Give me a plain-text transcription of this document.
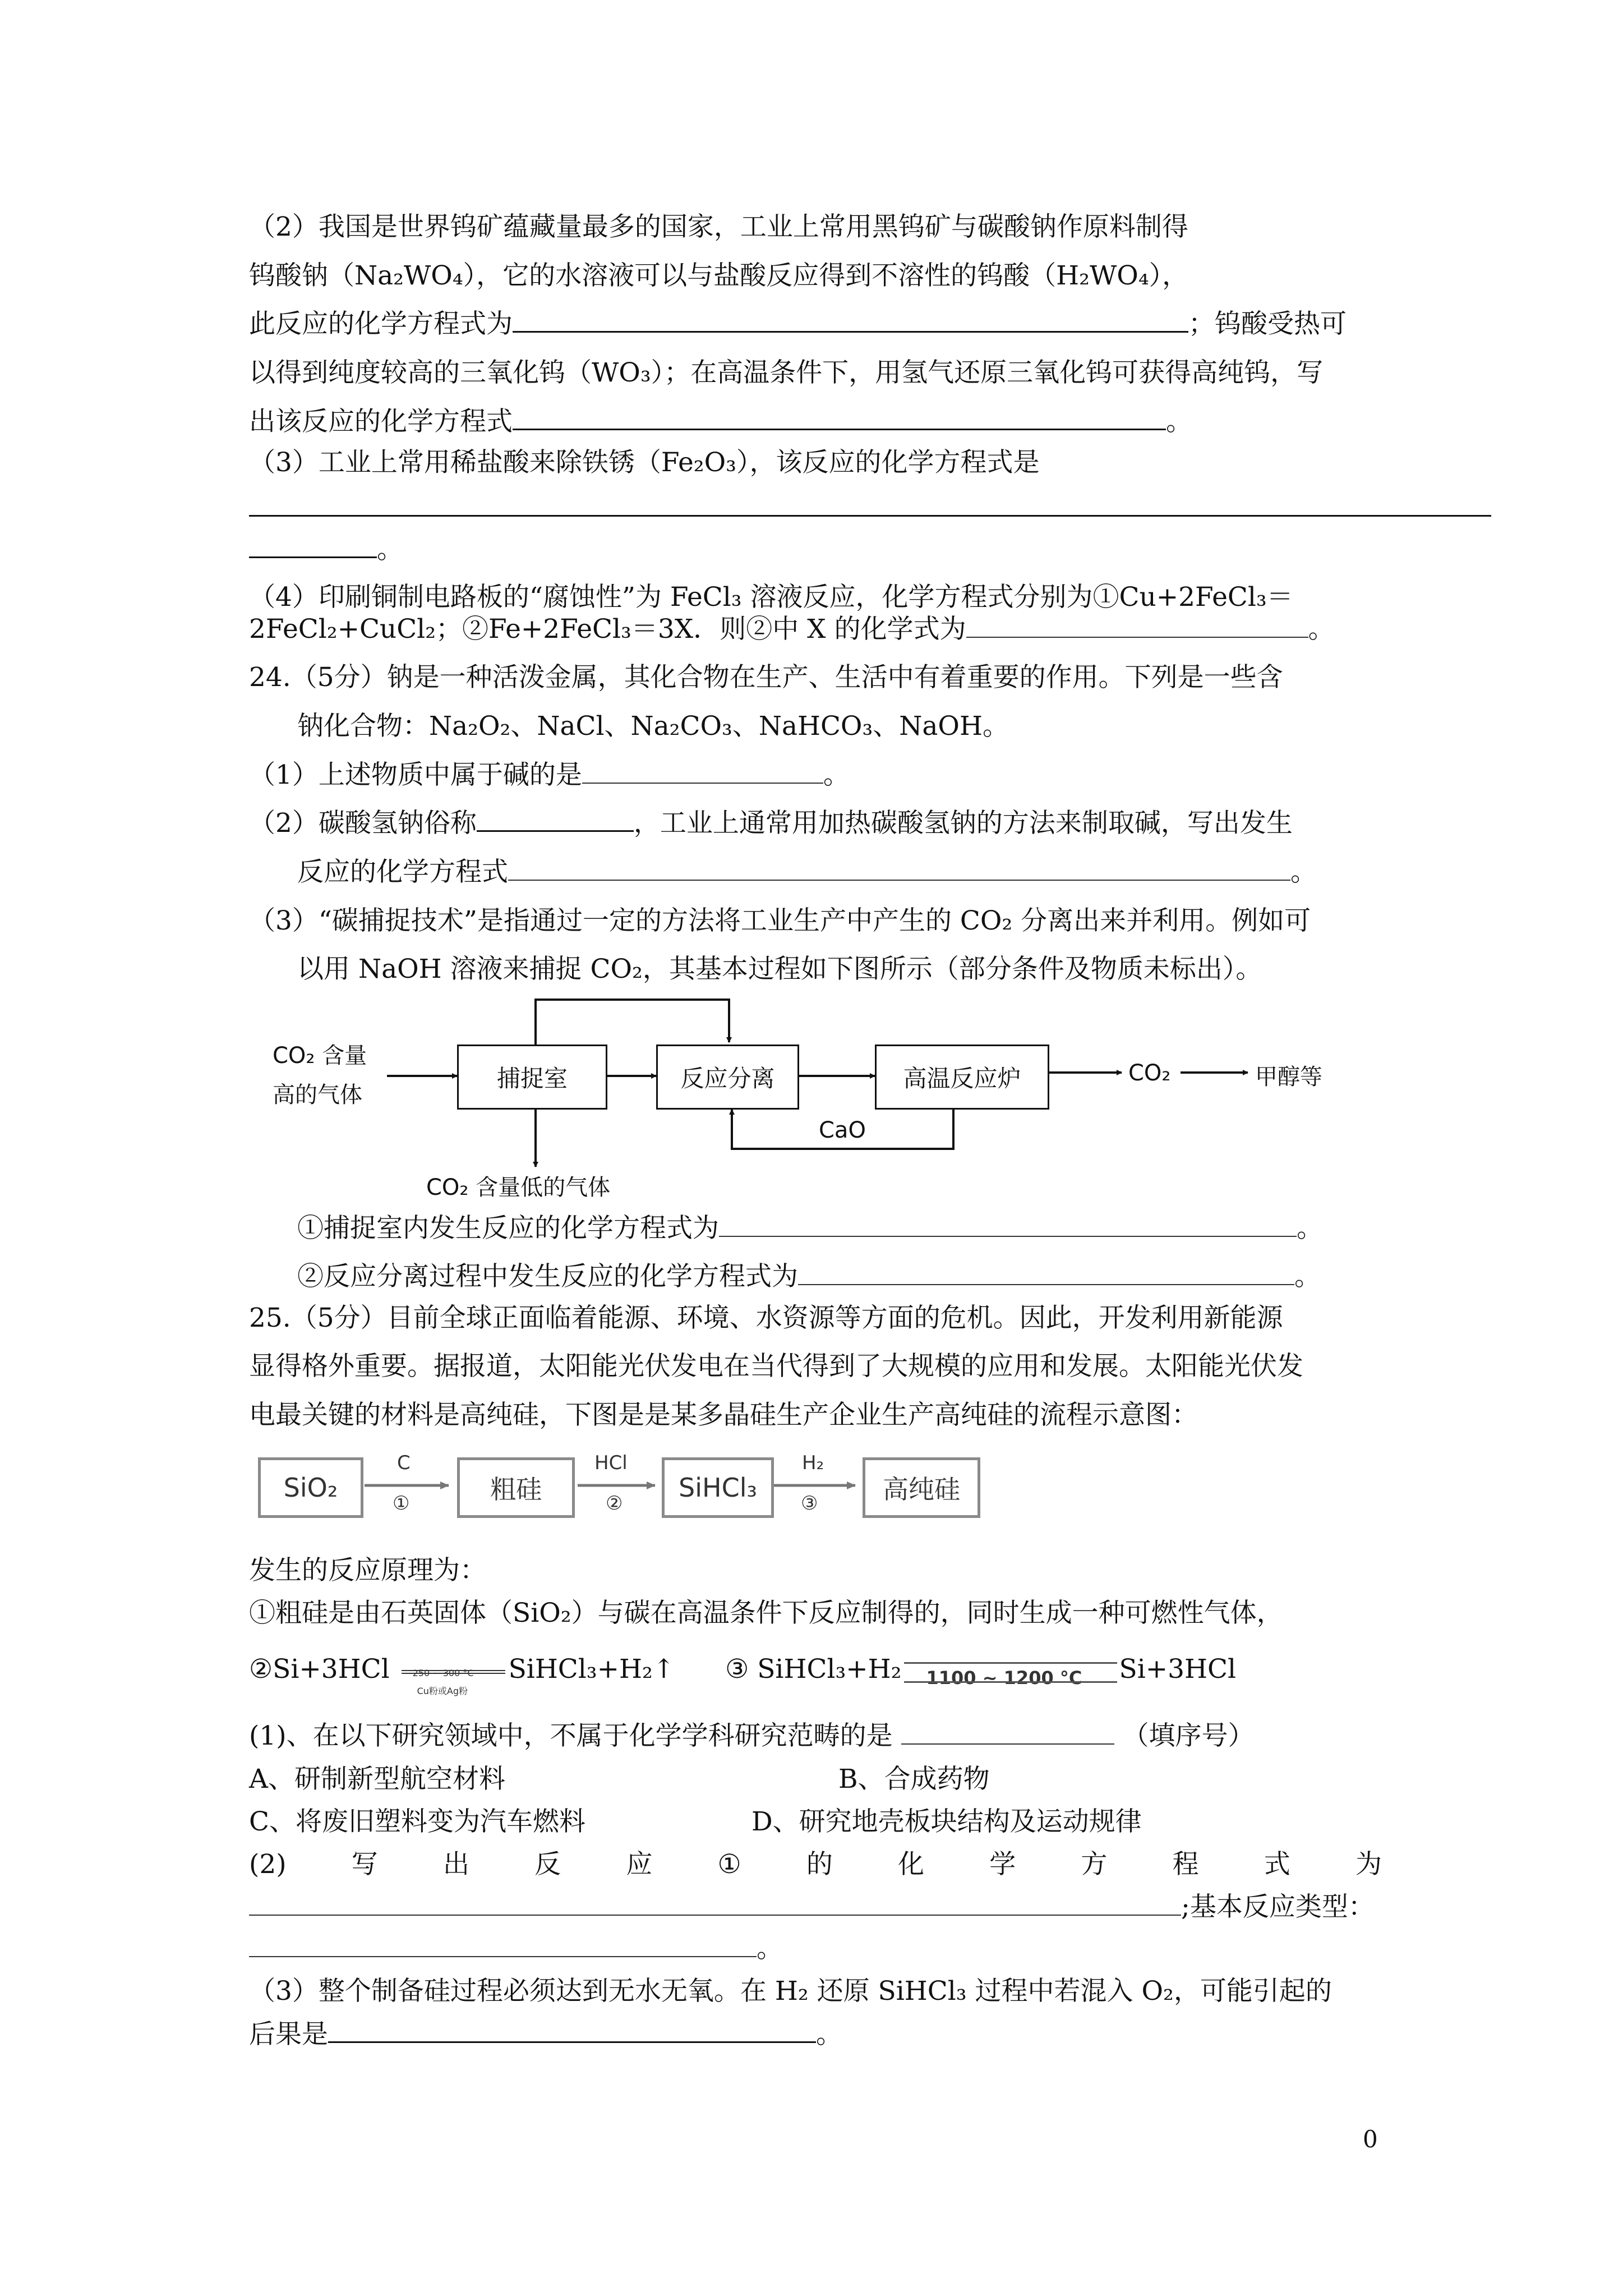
（2）我国是世界钨矿蕴藏量最多的国家，工业上常用黑钨矿与碳酸钠作原料制得
钨酸钠（Na₂WO₄），它的水溶液可以与盐酸反应得到不溶性的钨酸（H₂WO₄），
此反应的化学方程式为	；钨酸受热可
以得到纯度较高的三氧化钨（WO₃）；在高温条件下，用氢气还原三氧化钨可获得高纯钨，写
出该反应的化学方程式	。
（3）工业上常用稀盐酸来除铁锈（Fe₂O₃），该反应的化学方程式是
。
（4）印刷铜制电路板的“腐蚀性”为 FeCl₃ 溶液反应，化学方程式分别为①Cu+2FeCl₃＝
2FeCl₂+CuCl₂；②Fe+2FeCl₃＝3X．则②中 X 的化学式为	。
24.（5分）钠是一种活泼金属，其化合物在生产、生活中有着重要的作用。下列是一些含
钠化合物：Na₂O₂、NaCl、Na₂CO₃、NaHCO₃、NaOH。
（1）上述物质中属于碱的是	。
（2）碳酸氢钠俗称	，工业上通常用加热碳酸氢钠的方法来制取碱，写出发生
反应的化学方程式	。
（3）“碳捕捉技术”是指通过一定的方法将工业生产中产生的 CO₂ 分离出来并利用。例如可
以用 NaOH 溶液来捕捉 CO₂，其基本过程如下图所示（部分条件及物质未标出）。
CO₂ 含量
高的气体
捕捉室	反应分离	高温反应炉	CO₂	甲醇等
CaO
CO₂ 含量低的气体
①捕捉室内发生反应的化学方程式为	。
②反应分离过程中发生反应的化学方程式为	。
25.（5分）目前全球正面临着能源、环境、水资源等方面的危机。因此，开发利用新能源
显得格外重要。据报道，太阳能光伏发电在当代得到了大规模的应用和发展。太阳能光伏发
电最关键的材料是高纯硅，下图是是某多晶硅生产企业生产高纯硅的流程示意图：
SiO₂	粗硅	SiHCl₃	高纯硅
C
①
HCl
②
H₂
③
发生的反应原理为：
①粗硅是由石英固体（SiO₂）与碳在高温条件下反应制得的，同时生成一种可燃性气体，
②Si+3HCl	250 ~ 300 °C
Cu粉或Ag粉
SiHCl₃+H₂↑ ③ SiHCl₃+H₂ 1100 ~ 1200 °C Si+3HCl
(1)、在以下研究领域中，不属于化学学科研究范畴的是	（填序号）
A、研制新型航空材料	B、合成药物
C、将废旧塑料变为汽车燃料	D、研究地壳板块结构及运动规律
(2) 写 出 反 应 ① 的 化 学 方 程 式 为
;基本反应类型：
。
（3）整个制备硅过程必须达到无水无氧。在 H₂ 还原 SiHCl₃ 过程中若混入 O₂，可能引起的
后果是	。
0
